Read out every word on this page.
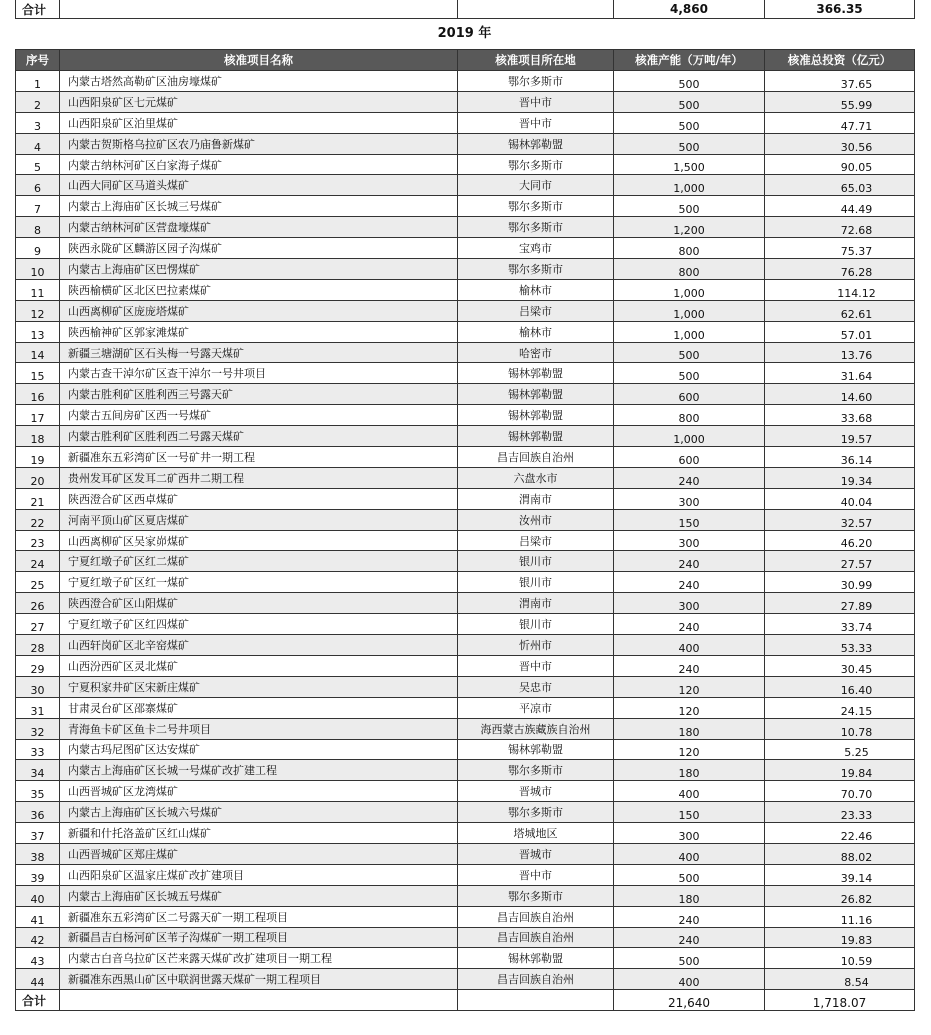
合计			4,860	366.35
2019 年
序号	核准项目名称	核准项目所在地	核准产能（万吨/年）	核准总投资（亿元）
1	内蒙古塔然高勒矿区油房壕煤矿	鄂尔多斯市	500	37.65
2	山西阳泉矿区七元煤矿	晋中市	500	55.99
3	山西阳泉矿区泊里煤矿	晋中市	500	47.71
4	内蒙古贺斯格乌拉矿区农乃庙鲁新煤矿	锡林郭勒盟	500	30.56
5	内蒙古纳林河矿区白家海子煤矿	鄂尔多斯市	1,500	90.05
6	山西大同矿区马道头煤矿	大同市	1,000	65.03
7	内蒙古上海庙矿区长城三号煤矿	鄂尔多斯市	500	44.49
8	内蒙古纳林河矿区营盘壕煤矿	鄂尔多斯市	1,200	72.68
9	陕西永陇矿区麟游区园子沟煤矿	宝鸡市	800	75.37
10	内蒙古上海庙矿区巴愣煤矿	鄂尔多斯市	800	76.28
11	陕西榆横矿区北区巴拉素煤矿	榆林市	1,000	114.12
12	山西离柳矿区庞庞塔煤矿	吕梁市	1,000	62.61
13	陕西榆神矿区郭家滩煤矿	榆林市	1,000	57.01
14	新疆三塘湖矿区石头梅一号露天煤矿	哈密市	500	13.76
15	内蒙古查干淖尔矿区查干淖尔一号井项目	锡林郭勒盟	500	31.64
16	内蒙古胜利矿区胜利西三号露天矿	锡林郭勒盟	600	14.60
17	内蒙古五间房矿区西一号煤矿	锡林郭勒盟	800	33.68
18	内蒙古胜利矿区胜利西二号露天煤矿	锡林郭勒盟	1,000	19.57
19	新疆准东五彩湾矿区一号矿井一期工程	昌吉回族自治州	600	36.14
20	贵州发耳矿区发耳二矿西井二期工程	六盘水市	240	19.34
21	陕西澄合矿区西卓煤矿	渭南市	300	40.04
22	河南平顶山矿区夏店煤矿	汝州市	150	32.57
23	山西离柳矿区吴家峁煤矿	吕梁市	300	46.20
24	宁夏红墩子矿区红二煤矿	银川市	240	27.57
25	宁夏红墩子矿区红一煤矿	银川市	240	30.99
26	陕西澄合矿区山阳煤矿	渭南市	300	27.89
27	宁夏红墩子矿区红四煤矿	银川市	240	33.74
28	山西轩岗矿区北辛窑煤矿	忻州市	400	53.33
29	山西汾西矿区灵北煤矿	晋中市	240	30.45
30	宁夏积家井矿区宋新庄煤矿	吴忠市	120	16.40
31	甘肃灵台矿区邵寨煤矿	平凉市	120	24.15
32	青海鱼卡矿区鱼卡二号井项目	海西蒙古族藏族自治州	180	10.78
33	内蒙古玛尼图矿区达安煤矿	锡林郭勒盟	120	5.25
34	内蒙古上海庙矿区长城一号煤矿改扩建工程	鄂尔多斯市	180	19.84
35	山西晋城矿区龙湾煤矿	晋城市	400	70.70
36	内蒙古上海庙矿区长城六号煤矿	鄂尔多斯市	150	23.33
37	新疆和什托洛盖矿区红山煤矿	塔城地区	300	22.46
38	山西晋城矿区郑庄煤矿	晋城市	400	88.02
39	山西阳泉矿区温家庄煤矿改扩建项目	晋中市	500	39.14
40	内蒙古上海庙矿区长城五号煤矿	鄂尔多斯市	180	26.82
41	新疆准东五彩湾矿区二号露天矿一期工程项目	昌吉回族自治州	240	11.16
42	新疆昌吉白杨河矿区苇子沟煤矿一期工程项目	昌吉回族自治州	240	19.83
43	内蒙古白音乌拉矿区芒来露天煤矿改扩建项目一期工程	锡林郭勒盟	500	10.59
44	新疆准东西黑山矿区中联润世露天煤矿一期工程项目	昌吉回族自治州	400	8.54
合计			21,640	1,718.07
